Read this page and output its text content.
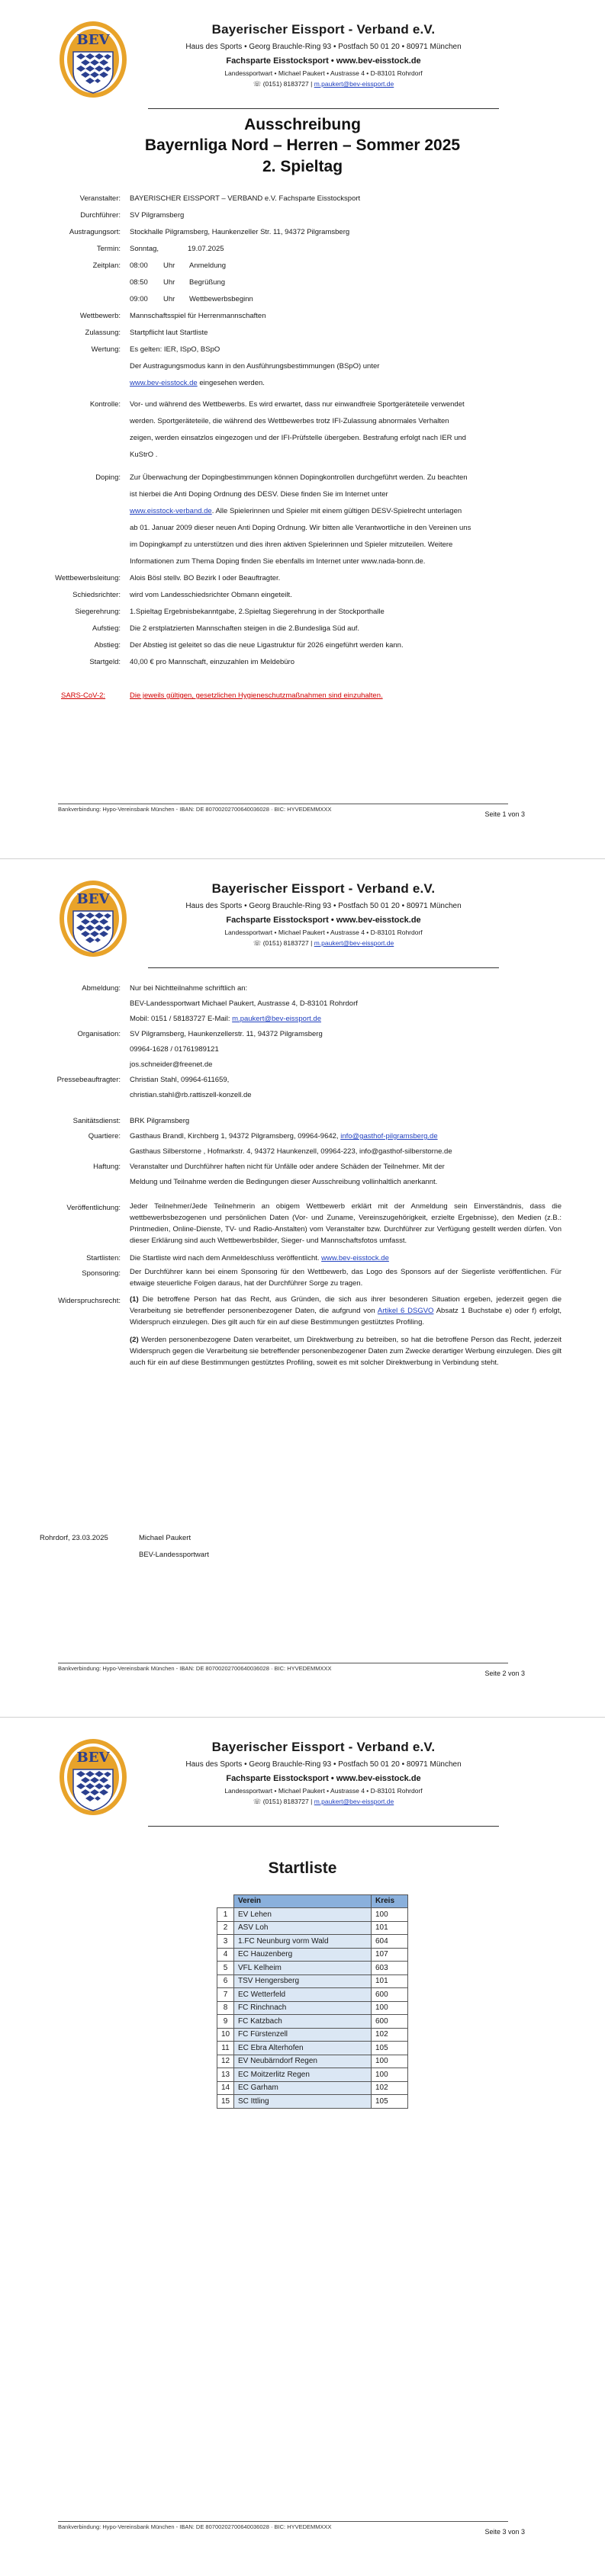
BEV
Bayerischer Eissport - Verband e.V.
Haus des Sports • Georg Brauchle-Ring 93 • Postfach 50 01 20 • 80971 München
Fachsparte Eisstocksport • www.bev-eisstock.de
Landessportwart • Michael Paukert • Austrasse 4 • D-83101 Rohrdorf
☏ (0151) 8183727 | m.paukert@bev-eissport.de
Ausschreibung
Bayernliga Nord – Herren – Sommer 2025
2. Spieltag
Veranstalter:	BAYERISCHER EISSPORT – VERBAND e.V. Fachsparte Eisstocksport
Durchführer:	SV Pilgramsberg
Austragungsort:	Stockhalle Pilgramsberg, Haunkenzeller Str. 11, 94372 Pilgramsberg
Termin:	Sonntag,	19.07.2025
Zeitplan:	08:00	Uhr	Anmeldung
08:50	Uhr	Begrüßung
09:00	Uhr	Wettbewerbsbeginn
Wettbewerb:	Mannschaftsspiel für Herrenmannschaften
Zulassung:	Startpflicht laut Startliste
Wertung:	Es gelten: IER, ISpO, BSpO
Der Austragungsmodus kann in den Ausführungsbestimmungen (BSpO) unter
www.bev-eisstock.de eingesehen werden.
Kontrolle:	Vor- und während des Wettbewerbs. Es wird erwartet, dass nur einwandfreie Sportgeräteteile verwendet
werden. Sportgeräteteile, die während des Wettbewerbes trotz IFI-Zulassung abnormales Verhalten
zeigen, werden einsatzlos eingezogen und der IFI-Prüfstelle übergeben. Bestrafung erfolgt nach IER und
KuStrO .
Doping:	Zur Überwachung der Dopingbestimmungen können Dopingkontrollen durchgeführt werden. Zu beachten
ist hierbei die Anti Doping Ordnung des DESV. Diese finden Sie im Internet unter
www.eisstock-verband.de. Alle Spielerinnen und Spieler mit einem gültigen DESV-Spielrecht unterlagen
ab 01. Januar 2009 dieser neuen Anti Doping Ordnung. Wir bitten alle Verantwortliche in den Vereinen uns
im Dopingkampf zu unterstützen und dies ihren aktiven Spielerinnen und Spieler mitzuteilen. Weitere
Informationen zum Thema Doping finden Sie ebenfalls im Internet unter www.nada-bonn.de.
Wettbewerbsleitung:	Alois Bösl stellv. BO Bezirk I oder Beauftragter.
Schiedsrichter:	wird vom Landesschiedsrichter Obmann eingeteilt.
Siegerehrung:	1.Spieltag Ergebnisbekanntgabe, 2.Spieltag Siegerehrung in der Stockporthalle
Aufstieg:	Die 2 erstplatzierten Mannschaften steigen in die 2.Bundesliga Süd auf.
Abstieg:	Der Abstieg ist geleitet so das die neue Ligastruktur für 2026 eingeführt werden kann.
Startgeld:	40,00 € pro Mannschaft, einzuzahlen im Meldebüro
SARS-CoV-2:	Die jeweils gültigen, gesetzlichen Hygieneschutzmaßnahmen sind einzuhalten.
Bankverbindung: Hypo-Vereinsbank München - IBAN: DE 80700202700640036028 · BIC: HYVEDEMMXXX
Seite 1 von 3
BEV
Bayerischer Eissport - Verband e.V.
Haus des Sports • Georg Brauchle-Ring 93 • Postfach 50 01 20 • 80971 München
Fachsparte Eisstocksport • www.bev-eisstock.de
Landessportwart • Michael Paukert • Austrasse 4 • D-83101 Rohrdorf
☏ (0151) 8183727 | m.paukert@bev-eissport.de
Abmeldung:	Nur bei Nichtteilnahme schriftlich an:
BEV-Landessportwart Michael Paukert, Austrasse 4, D-83101 Rohrdorf
Mobil: 0151 / 58183727 E-Mail: m.paukert@bev-eissport.de
Organisation:	SV Pilgramsberg, Haunkenzellerstr. 11, 94372 Pilgramsberg
09964-1628 / 01761989121
jos.schneider@freenet.de
Pressebeauftragter:	Christian Stahl, 09964-611659,
christian.stahl@rb.rattiszell-konzell.de
Sanitätsdienst:	BRK Pilgramsberg
Quartiere:	Gasthaus Brandl, Kirchberg 1, 94372 Pilgramsberg, 09964-9642, info@gasthof-pilgramsberg.de
Gasthaus Silberstorne , Hofmarkstr. 4, 94372 Haunkenzell, 09964-223, info@gasthof-silberstorne.de
Haftung:	Veranstalter und Durchführer haften nicht für Unfälle oder andere Schäden der Teilnehmer. Mit der
Meldung und Teilnahme werden die Bedingungen dieser Ausschreibung vollinhaltlich anerkannt.
Veröffentlichung:	Jeder Teilnehmer/Jede Teilnehmerin an obigem Wettbewerb erklärt mit der Anmeldung sein Einverständnis, dass die wettbewerbsbezogenen und persönlichen Daten (Vor- und Zuname, Vereinszugehörigkeit, erzielte Ergebnisse), den Medien (z.B.: Printmedien, Online-Dienste, TV- und Radio-Anstalten) vom Veranstalter bzw. Durchführer zur Verfügung gestellt werden dürfen. Von dieser Erklärung sind auch Wettbewerbsbilder, Sieger- und Mannschaftsfotos umfasst.
Startlisten:	Die Startliste wird nach dem Anmeldeschluss veröffentlicht. www.bev-eisstock.de
Sponsoring:	Der Durchführer kann bei einem Sponsoring für den Wettbewerb, das Logo des Sponsors auf der Siegerliste veröffentlichen. Für etwaige steuerliche Folgen daraus, hat der Durchführer Sorge zu tragen.
Widerspruchsrecht:	(1) Die betroffene Person hat das Recht, aus Gründen, die sich aus ihrer besonderen Situation ergeben, jederzeit gegen die Verarbeitung sie betreffender personenbezogener Daten, die aufgrund von Artikel 6 DSGVO Absatz 1 Buchstabe e) oder f) erfolgt, Widerspruch einzulegen. Dies gilt auch für ein auf diese Bestimmungen gestütztes Profiling.
(2) Werden personenbezogene Daten verarbeitet, um Direktwerbung zu betreiben, so hat die betroffene Person das Recht, jederzeit Widerspruch gegen die Verarbeitung sie betreffender personenbezogener Daten zum Zwecke derartiger Werbung einzulegen. Dies gilt auch für ein auf diese Bestimmungen gestütztes Profiling, soweit es mit solcher Direktwerbung in Verbindung steht.
Rohrdorf, 23.03.2025	Michael Paukert
BEV-Landessportwart
Bankverbindung: Hypo-Vereinsbank München - IBAN: DE 80700202700640036028 · BIC: HYVEDEMMXXX
Seite 2 von 3
BEV
Bayerischer Eissport - Verband e.V.
Haus des Sports • Georg Brauchle-Ring 93 • Postfach 50 01 20 • 80971 München
Fachsparte Eisstocksport • www.bev-eisstock.de
Landessportwart • Michael Paukert • Austrasse 4 • D-83101 Rohrdorf
☏ (0151) 8183727 | m.paukert@bev-eissport.de
Startliste
	Verein	Kreis
1	EV Lehen	100
2	ASV Loh	101
3	1.FC Neunburg vorm Wald	604
4	EC Hauzenberg	107
5	VFL Kelheim	603
6	TSV Hengersberg	101
7	EC Wetterfeld	600
8	FC Rinchnach	100
9	FC Katzbach	600
10	FC Fürstenzell	102
11	EC Ebra Alterhofen	105
12	EV Neubärndorf Regen	100
13	EC Moitzerlitz Regen	100
14	EC Garham	102
15	SC Ittling	105
Bankverbindung: Hypo-Vereinsbank München - IBAN: DE 80700202700640036028 · BIC: HYVEDEMMXXX
Seite 3 von 3
